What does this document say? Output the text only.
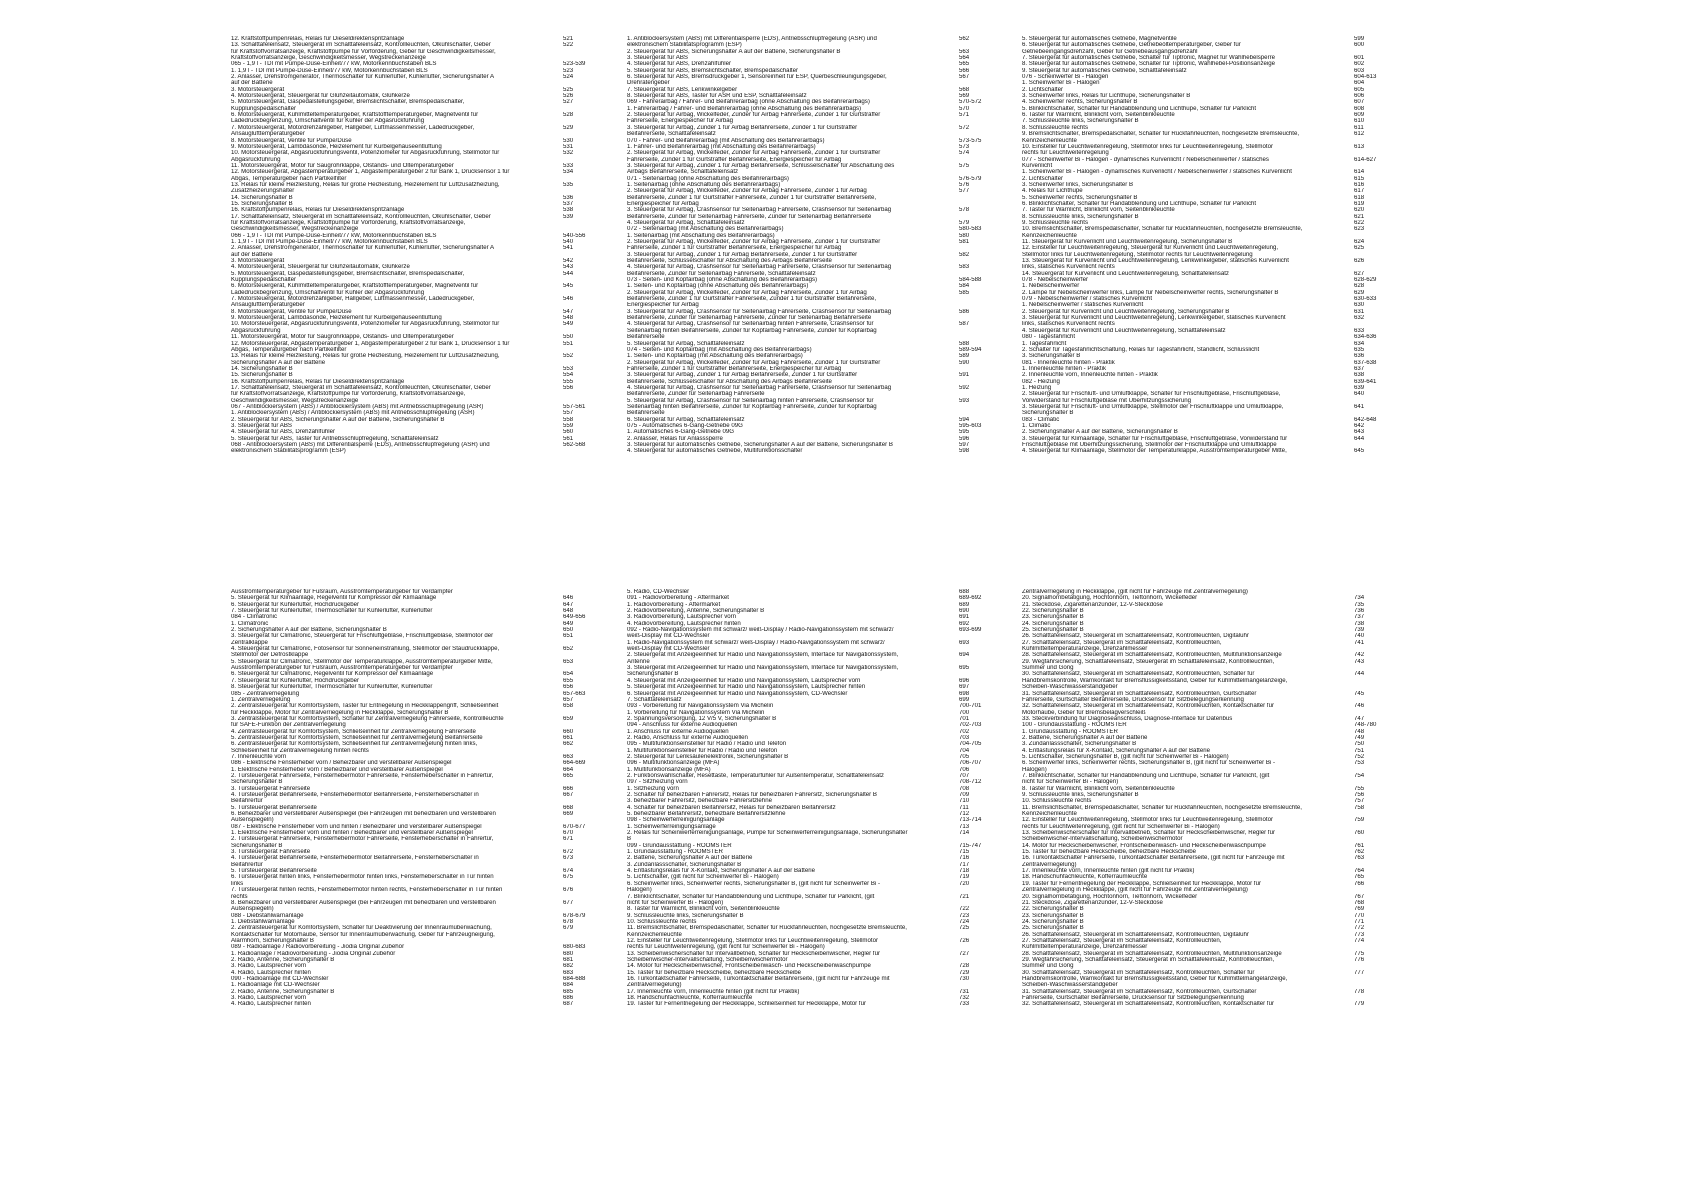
12. Kraftstoffpumpenrelais, Relais für Dieseldirektenspritzanlage	521
13. Schalttafeleinsatz, Steuergerät im Schalttafeleinsatz, Kontrollleuchten, Ölkühlschalter, Geber	522
für Kraftstoffvorratsanzeige, Kraftstoffpumpe für Vorförderung, Geber für Geschwindigkeitsmesser,
Kraftstoffvorratsanzeige, Geschwindigkeitsmesser, Wegstreckenanzeige
065 - 1,9 l - TDI mit Pumpe-Düse-Einheit/77 kW, Motorkennbuchstaben BLS	523-539
1. 1,9 l - TDI mit Pumpe-Düse-Einheit/77 kW, Motorkennbuchstaben BLS	523
2. Anlasser, Drehstromgenerator, Thermoschalter für Kühlerlüfter, Kühlerlüfter, Sicherungshalter A	524
auf der Batterie
3. Motorsteuergerät	525
4. Motorsteuergerät, Steuergerät für Glühzeitautomatik, Glühkerze	526
5. Motorsteuergerät, Gaspedalstellungsgeber, Bremslichtschalter, Bremspedalschalter,	527
Kupplungspedalschalter
6. Motorsteuergerät, Kühlmitteltemperaturgeber, Kraftstofftemperaturgeber, Magnetventil für	528
Ladedruckbegrenzung, Umschaltventil für Kühler der Abgasrückführung
7. Motorsteuergerät, Motordrehzahlgeber, Hallgeber, Luftmassenmesser, Ladedruckgeber,	529
Ansauglufttemperaturgeber
8. Motorsteuergerät, Ventile für Pumpe/Düse	530
9. Motorsteuergerät, Lambdasonde, Heizelement für Kurbelgehäuseentlüftung	531
10. Motorsteuergerät, Abgasrückführungsventil, Potenziometer für Abgasrückführung, Stellmotor für	532
Abgasrückführung
11. Motorsteuergerät, Motor für Saugrohrklappe, Ölstands- und Öltemperaturgeber	533
12. Motorsteuergerät, Abgastemperaturgeber 1, Abgastemperaturgeber 2 für Bank 1, Drucksensor 1 für	534
Abgas, Temperaturgeber nach Partikelfilter
13. Relais für kleine Heizleistung, Relais für große Heizleistung, Heizelement für Luftzusatzheizung,	535
Zusatzheizerungshalter
14. Sicherungshalter B	536
15. Sicherungshalter B	537
16. Kraftstoffpumpenrelais, Relais für Dieseldirektenspritzanlage	538
17. Schalttafeleinsatz, Steuergerät im Schalttafeleinsatz, Kontrollleuchten, Ölkühlschalter, Geber	539
für Kraftstoffvorratsanzeige, Kraftstoffpumpe für Vorförderung, Kraftstoffvorratsanzeige,
Geschwindigkeitsmesser, Wegstreckenanzeige
066 - 1,9 l - TDI mit Pumpe-Düse-Einheit/77 kW, Motorkennbuchstaben BLS	540-556
1. 1,9 l - TDI mit Pumpe-Düse-Einheit/77 kW, Motorkennbuchstaben BLS	540
2. Anlasser, Drehstromgenerator, Thermoschalter für Kühlerlüfter, Kühlerlüfter, Sicherungshalter A	541
auf der Batterie
3. Motorsteuergerät	542
4. Motorsteuergerät, Steuergerät für Glühzeitautomatik, Glühkerze	543
5. Motorsteuergerät, Gaspedalstellungsgeber, Bremslichtschalter, Bremspedalschalter,	544
Kupplungspedalschalter
6. Motorsteuergerät, Kühlmitteltemperaturgeber, Kraftstofftemperaturgeber, Magnetventil für	545
Ladedruckbegrenzung, Umschaltventil für Kühler der Abgasrückführung
7. Motorsteuergerät, Motordrehzahlgeber, Hallgeber, Luftmassenmesser, Ladedruckgeber,	546
Ansauglufttemperaturgeber
8. Motorsteuergerät, Ventile für Pumpe/Düse	547
9. Motorsteuergerät, Lambdasonde, Heizelement für Kurbelgehäuseentlüftung	548
10. Motorsteuergerät, Abgasrückführungsventil, Potenziometer für Abgasrückführung, Stellmotor für	549
Abgasrückführung
11. Motorsteuergerät, Motor für Saugrohrklappe, Ölstands- und Öltemperaturgeber	550
12. Motorsteuergerät, Abgastemperaturgeber 1, Abgastemperaturgeber 2 für Bank 1, Drucksensor 1 für	551
Abgas, Temperaturgeber nach Partikelfilter
13. Relais für kleine Heizleistung, Relais für große Heizleistung, Heizelement für Luftzusatzheizung,	552
Sicherungshalter A auf der Batterie
14. Sicherungshalter B	553
15. Sicherungshalter B	554
16. Kraftstoffpumpenrelais, Relais für Dieseldirektenspritzanlage	555
17. Schalttafeleinsatz, Steuergerät im Schalttafeleinsatz, Kontrollleuchten, Ölkühlschalter, Geber	556
für Kraftstoffvorratsanzeige, Kraftstoffpumpe für Vorförderung, Kraftstoffvorratsanzeige,
Geschwindigkeitsmesser, Wegstreckenanzeige
067 - Antiblockiersystem (ABS) / Antiblockiersystem (ABS) mit Antriebsschlupfregelung (ASR)	557-561
1. Antiblockiersystem (ABS) / Antiblockiersystem (ABS) mit Antriebsschlupfregelung (ASR)	557
2. Steuergerät für ABS, Sicherungshalter A auf der Batterie, Sicherungshalter B	558
3. Steuergerät für ABS	559
4. Steuergerät für ABS, Drehzahlfühler	560
5. Steuergerät für ABS, Taster für Antriebsschlupfregelung, Schalttafeleinsatz	561
068 - Antiblockiersystem (ABS) mit Differentialsperre (EDS), Antriebsschlupfregelung (ASR) und	562-568
elektronischem Stabilitätsprogramm (ESP)
1. Antiblockiersystem (ABS) mit Differentialsperre (EDS), Antriebsschlupfregelung (ASR) und	562
elektronischem Stabilitätsprogramm (ESP)
2. Steuergerät für ABS, Sicherungshalter A auf der Batterie, Sicherungshalter B	563
3. Steuergerät für ABS	564
4. Steuergerät für ABS, Drehzahlfühler	565
5. Steuergerät für ABS, Bremslichtschalter, Bremspedalschalter	566
6. Steuergerät für ABS, Bremsdruckgeber 1, Sensoreinheit für ESP, Querbeschleunigungsgeber,	567
Drehratengeber
7. Steuergerät für ABS, Lenkwinkelgeber	568
8. Steuergerät für ABS, Taster für ASR und ESP, Schalttafeleinsatz	569
069 - Fahrerairbag / Fahrer- und Beifahrerairbag (ohne Abschaltung des Beifahrerairbags)	570-572
1. Fahrerairbag / Fahrer- und Beifahrerairbag (ohne Abschaltung des Beifahrerairbags)	570
2. Steuergerät für Airbag, Wickelfeder, Zünder für Airbag Fahrerseite, Zünder 1 für Gurtstraffer	571
Fahrerseite, Energiespeicher für Airbag
3. Steuergerät für Airbag, Zünder 1 für Airbag Beifahrerseite, Zünder 1 für Gurtstraffer	572
Beifahrerseite, Schalttafeleinsatz
070 - Fahrer- und Beifahrerairbag (mit Abschaltung des Beifahrerairbags)	573-575
1. Fahrer- und Beifahrerairbag (mit Abschaltung des Beifahrerairbags)	573
2. Steuergerät für Airbag, Wickelfeder, Zünder für Airbag Fahrerseite, Zünder 1 für Gurtstraffer	574
Fahrerseite, Zünder 1 für Gurtstraffer Beifahrerseite, Energiespeicher für Airbag
3. Steuergerät für Airbag, Zünder 1 für Airbag Beifahrerseite, Schlüsselschalter für Abschaltung des	575
Airbags Beifahrerseite, Schalttafeleinsatz
071 - Seitenairbag (ohne Abschaltung des Beifahrerairbags)	576-579
1. Seitenairbag (ohne Abschaltung des Beifahrerairbags)	576
2. Steuergerät für Airbag, Wickelfeder, Zünder für Airbag Fahrerseite, Zünder 1 für Airbag	577
Beifahrerseite, Zünder 1 für Gurtstraffer Fahrerseite, Zünder 1 für Gurtstraffer Beifahrerseite,
Energiespeicher für Airbag
3. Steuergerät für Airbag, Crashsensor für Seitenairbag Fahrerseite, Crashsensor für Seitenairbag	578
Beifahrerseite, Zünder für Seitenairbag Fahrerseite, Zünder für Seitenairbag Beifahrerseite
4. Steuergerät für Airbag, Schalttafeleinsatz	579
072 - Seitenairbag (mit Abschaltung des Beifahrerairbags)	580-583
1. Seitenairbag (mit Abschaltung des Beifahrerairbags)	580
2. Steuergerät für Airbag, Wickelfeder, Zünder für Airbag Fahrerseite, Zünder 1 für Gurtstraffer	581
Fahrerseite, Zünder 1 für Gurtstraffer Beifahrerseite, Energiespeicher für Airbag
3. Steuergerät für Airbag, Zünder 1 für Airbag Beifahrerseite, Zünder 1 für Gurtstraffer	582
Beifahrerseite, Schlüsselschalter für Abschaltung des Airbags Beifahrerseite
4. Steuergerät für Airbag, Crashsensor für Seitenairbag Fahrerseite, Crashsensor für Seitenairbag	583
Beifahrerseite, Zünder für Seitenairbag Fahrerseite, Schalttafeleinsatz
073 - Seiten- und Kopfairbag (ohne Abschaltung des Beifahrerairbags)	584-588
1. Seiten- und Kopfairbag (ohne Abschaltung des Beifahrerairbags)	584
2. Steuergerät für Airbag, Wickelfeder, Zünder für Airbag Fahrerseite, Zünder 1 für Airbag	585
Beifahrerseite, Zünder 1 für Gurtstraffer Fahrerseite, Zünder 1 für Gurtstraffer Beifahrerseite,
Energiespeicher für Airbag
3. Steuergerät für Airbag, Crashsensor für Seitenairbag Fahrerseite, Crashsensor für Seitenairbag	586
Beifahrerseite, Zünder für Seitenairbag Fahrerseite, Zünder für Seitenairbag Beifahrerseite
4. Steuergerät für Airbag, Crashsensor für Seitenairbag hinten Fahrerseite, Crashsensor für	587
Seitenairbag hinten Beifahrerseite, Zünder für Kopfairbag Fahrerseite, Zünder für Kopfairbag
Beifahrerseite
5. Steuergerät für Airbag, Schalttafeleinsatz	588
074 - Seiten- und Kopfairbag (mit Abschaltung des Beifahrerairbags)	589-594
1. Seiten- und Kopfairbag (mit Abschaltung des Beifahrerairbags)	589
2. Steuergerät für Airbag, Wickelfeder, Zünder für Airbag Fahrerseite, Zünder 1 für Gurtstraffer	590
Fahrerseite, Zünder 1 für Gurtstraffer Beifahrerseite, Energiespeicher für Airbag
3. Steuergerät für Airbag, Zünder 1 für Airbag Beifahrerseite, Zünder 1 für Gurtstraffer	591
Beifahrerseite, Schlüsselschalter für Abschaltung des Airbags Beifahrerseite
4. Steuergerät für Airbag, Crashsensor für Seitenairbag Fahrerseite, Crashsensor für Seitenairbag	592
Beifahrerseite, Zünder für Seitenairbag Fahrerseite
5. Steuergerät für Airbag, Crashsensor für Seitenairbag hinten Fahrerseite, Crashsensor für	593
Seitenairbag hinten Beifahrerseite, Zünder für Kopfairbag Fahrerseite, Zünder für Kopfairbag
Beifahrerseite
6. Steuergerät für Airbag, Schalttafeleinsatz	594
075 - Automatisches 6-Gang-Getriebe 09G	595-603
1. Automatisches 6-Gang-Getriebe 09G	595
2. Anlasser, Relais für Anlasssperre	596
3. Steuergerät für automatisches Getriebe, Sicherungshalter A auf der Batterie, Sicherungshalter B	597
4. Steuergerät für automatisches Getriebe, Multifunktionsschalter	598
5. Steuergerät für automatisches Getriebe, Magnetventile	599
6. Steuergerät für automatisches Getriebe, Getriebeöltemperaturgeber, Geber für	600
Getriebeeingangsdrehzahl, Geber für Getriebeausgangsdrehzahl
7. Steuergerät für automatisches Getriebe, Schalter für Tiptronic, Magnet für Wählhebelsperre	601
8. Steuergerät für automatisches Getriebe, Schalter für Tiptronic, Wählhebel-Positionsanzeige	602
9. Steuergerät für automatisches Getriebe, Schalttafeleinsatz	603
076 - Scheinwerfer Bi - Halogen	604-613
1. Scheinwerfer Bi - Halogen	604
2. Lichtschalter	605
3. Scheinwerfer links, Relais für Lichthupe, Sicherungshalter B	606
4. Scheinwerfer rechts, Sicherungshalter B	607
5. Blinklichtschalter, Schalter für Handabblendung und Lichthupe, Schalter für Parklicht	608
6. Taster für Warnlicht, Blinklicht vorn, Seitenblinkleuchte	609
7. Schlussleuchte links, Sicherungshalter B	610
8. Schlussleuchte rechts	611
9. Bremslichtschalter, Bremspedalschalter, Schalter für Rückfahrleuchten, hochgesetzte Bremsleuchte,	612
Kennzeichenleuchte
10. Einsteller für Leuchtweitenregelung, Stellmotor links für Leuchtweitenregelung, Stellmotor	613
rechts für Leuchtweitenregelung
077 - Scheinwerfer Bi - Halogen - dynamisches Kurvenlicht / Nebelscheinwerfer / statisches	614-627
Kurvenlicht
1. Scheinwerfer Bi - Halogen - dynamisches Kurvenlicht / Nebelscheinwerfer / statisches Kurvenlicht	614
2. Lichtschalter	615
3. Scheinwerfer links, Sicherungshalter B	616
4. Relais für Lichthupe	617
5. Scheinwerfer rechts, Sicherungshalter B	618
6. Blinklichtschalter, Schalter für Handabblendung und Lichthupe, Schalter für Parklicht	619
7. Taster für Warnlicht, Blinklicht vorn, Seitenblinkleuchte	620
8. Schlussleuchte links, Sicherungshalter B	621
9. Schlussleuchte rechts	622
10. Bremslichtschalter, Bremspedalschalter, Schalter für Rückfahrleuchten, hochgesetzte Bremsleuchte,	623
Kennzeichenleuchte
11. Steuergerät für Kurvenlicht und Leuchtweitenregelung, Sicherungshalter B	624
12. Einsteller für Leuchtweitenregelung, Steuergerät für Kurvenlicht und Leuchtweitenregelung,	625
Stellmotor links für Leuchtweitenregelung, Stellmotor rechts für Leuchtweitenregelung
13. Steuergerät für Kurvenlicht und Leuchtweitenregelung, Lenkwinkelgeber, statisches Kurvenlicht	626
links, statisches Kurvenlicht rechts
14. Steuergerät für Kurvenlicht und Leuchtweitenregelung, Schalttafeleinsatz	627
078 - Nebelscheinwerfer	628-629
1. Nebelscheinwerfer	628
2. Lampe für Nebelscheinwerfer links, Lampe für Nebelscheinwerfer rechts, Sicherungshalter B	629
079 - Nebelscheinwerfer / statisches Kurvenlicht	630-633
1. Nebelscheinwerfer / statisches Kurvenlicht	630
2. Steuergerät für Kurvenlicht und Leuchtweitenregelung, Sicherungshalter B	631
3. Steuergerät für Kurvenlicht und Leuchtweitenregelung, Lenkwinkelgeber, statisches Kurvenlicht	632
links, statisches Kurvenlicht rechts
4. Steuergerät für Kurvenlicht und Leuchtweitenregelung, Schalttafeleinsatz	633
080 - Tagesfahrlicht	634-636
1. Tagesfahrlicht	634
2. Schalter für Tagesfahrlichtschaltung, Relais für Tagesfahrlicht, Standlicht, Schlusslicht	635
3. Sicherungshalter B	636
081 - Innenleuchte hinten - Praktik	637-638
1. Innenleuchte hinten - Praktik	637
2. Innenleuchte vorn, Innenleuchte hinten - Praktik	638
082 - Heizung	639-641
1. Heizung	639
2. Steuergerät für Frischluft- und Umluftklappe, Schalter für Frischluftgebläse, Frischluftgebläse,	640
Vorwiderstand für Frischluftgebläse mit Überhitzungssicherung
3. Steuergerät für Frischluft- und Umluftklappe, Stellmotor der Frischluftklappe und Umluftklappe,	641
Sicherungshalter B
083 - Climatic	642-648
1. Climatic	642
2. Sicherungshalter A auf der Batterie, Sicherungshalter B	643
3. Steuergerät für Klimaanlage, Schalter für Frischluftgebläse, Frischluftgebläse, Vorwiderstand für	644
Frischluftgebläse mit Überhitzungssicherung, Stellmotor der Frischluftklappe und Umluftklappe
4. Steuergerät für Klimaanlage, Stellmotor der Temperaturklappe, Ausströmtemperaturgeber Mitte,	645
Ausströmtemperaturgeber für Fußraum, Ausströmtemperaturgeber für Verdampfer
5. Steuergerät für Klimaanlage, Regelventil für Kompressor der Klimaanlage	646
6. Steuergerät für Kühlerlüfter, Hochdruckgeber	647
7. Steuergerät für Kühlerlüfter, Thermoschalter für Kühlerlüfter, Kühlerlüfter	648
084 - Climatronic	649-656
1. Climatronic	649
2. Sicherungshalter A auf der Batterie, Sicherungshalter B	650
3. Steuergerät für Climatronic, Steuergerät für Frischluftgebläse, Frischluftgebläse, Stellmotor der	651
Zentralklappe
4. Steuergerät für Climatronic, Fotosensor für Sonneneinstrahlung, Stellmotor der Staudruckklappe,	652
Stellmotor der Defrostklappe
5. Steuergerät für Climatronic, Stellmotor der Temperaturklappe, Ausströmtemperaturgeber Mitte,	653
Ausströmtemperaturgeber für Fußraum, Ausströmtemperaturgeber für Verdampfer
6. Steuergerät für Climatronic, Regelventil für Kompressor der Klimaanlage	654
7. Steuergerät für Kühlerlüfter, Hochdruckgeber	655
8. Steuergerät für Kühlerlüfter, Thermoschalter für Kühlerlüfter, Kühlerlüfter	656
085 - Zentralverriegelung	657-663
1. Zentralverriegelung	657
2. Zentralsteuergerät für Komfortsystem, Taster für Entriegelung in Heckklappengriff, Schließeinheit	658
für Heckklappe, Motor für Zentralverriegelung in Heckklappe, Sicherungshalter B
3. Zentralsteuergerät für Komfortsystem, Schalter für Zentralverriegelung Fahrerseite, Kontrollleuchte	659
für SAFE-Funktion der Zentralverriegelung
4. Zentralsteuergerät für Komfortsystem, Schließeinheit für Zentralverriegelung Fahrerseite	660
5. Zentralsteuergerät für Komfortsystem, Schließeinheit für Zentralverriegelung Beifahrerseite	661
6. Zentralsteuergerät für Komfortsystem, Schließeinheit für Zentralverriegelung hinten links,	662
Schließeinheit für Zentralverriegelung hinten rechts
7. Innenleuchte vorn	663
086 - Elektrische Fensterheber vorn / Beheizbarer und verstellbarer Außenspiegel	664-669
1. Elektrische Fensterheber vorn / Beheizbarer und verstellbarer Außenspiegel	664
2. Türsteuergerät Fahrerseite, Fensterhebermotor Fahrerseite, Fensterheberschalter in Fahrertür,	665
Sicherungshalter B
3. Türsteuergerät Fahrerseite	666
4. Türsteuergerät Beifahrerseite, Fensterhebermotor Beifahrerseite, Fensterheberschalter in	667
Beifahrertür
5. Türsteuergerät Beifahrerseite	668
6. Beheizbarer und verstellbarer Außenspiegel (bei Fahrzeugen mit beheizbaren und verstellbaren	669
Außenspiegeln)
087 - Elektrische Fensterheber vorn und hinten / Beheizbarer und verstellbarer Außenspiegel	670-677
1. Elektrische Fensterheber vorn und hinten / Beheizbarer und verstellbarer Außenspiegel	670
2. Türsteuergerät Fahrerseite, Fensterhebermotor Fahrerseite, Fensterheberschalter in Fahrertür,	671
Sicherungshalter B
3. Türsteuergerät Fahrerseite	672
4. Türsteuergerät Beifahrerseite, Fensterhebermotor Beifahrerseite, Fensterheberschalter in	673
Beifahrertür
5. Türsteuergerät Beifahrerseite	674
6. Türsteuergerät hinten links, Fensterhebermotor hinten links, Fensterheberschalter in Tür hinten	675
links
7. Türsteuergerät hinten rechts, Fensterhebermotor hinten rechts, Fensterheberschalter in Tür hinten	676
rechts
8. Beheizbarer und verstellbarer Außenspiegel (bei Fahrzeugen mit beheizbaren und verstellbaren	677
Außenspiegeln)
088 - Diebstahlwarnanlage	678-679
1. Diebstahlwarnanlage	678
2. Zentralsteuergerät für Komfortsystem, Schalter für Deaktivierung der Innenraumüberwachung,	679
Kontaktschalter für Motorhaube, Sensor für Innenraumüberwachung, Geber für Fahrzeugneigung,
Alarmhorn, Sicherungshalter B
089 - Radioanlage / Radiovorbereitung - Jiodia Original Zubehör	680-683
1. Radioanlage / Radiovorbereitung - Jiodia Original Zubehör	680
2. Radio, Antenne, Sicherungshalter B	681
3. Radio, Lautsprecher vorn	682
4. Radio, Lautsprecher hinten	683
090 - Radioanlage mit CD-Wechsler	684-688
1. Radioanlage mit CD-Wechsler	684
2. Radio, Antenne, Sicherungshalter B	685
3. Radio, Lautsprecher vorn	686
4. Radio, Lautsprecher hinten	687
5. Radio, CD-Wechsler	688
091 - Radiovorbereitung - Aftermarket	689-692
1. Radiovorbereitung - Aftermarket	689
2. Radiovorbereitung, Antenne, Sicherungshalter B	690
3. Radiovorbereitung, Lautsprecher vorn	691
4. Radiovorbereitung, Lautsprecher hinten	692
092 - Radio-Navigationssystem mit schwarz/ weiß-Display / Radio-Navigationssystem mit schwarz/	693-699
weiß-Display mit CD-Wechsler
1. Radio-Navigationssystem mit schwarz/ weiß-Display / Radio-Navigationssystem mit schwarz/	693
weiß-Display mit CD-Wechsler
2. Steuergerät mit Anzeigeeinheit für Radio und Navigationssystem, Interface für Navigationssystem,	694
Antenne
3. Steuergerät mit Anzeigeeinheit für Radio und Navigationssystem, Interface für Navigationssystem,	695
Sicherungshalter B
4. Steuergerät mit Anzeigeeinheit für Radio und Navigationssystem, Lautsprecher vorn	696
5. Steuergerät mit Anzeigeeinheit für Radio und Navigationssystem, Lautsprecher hinten	697
6. Steuergerät mit Anzeigeeinheit für Radio und Navigationssystem, CD-Wechsler	698
7. Schalttafeleinsatz	699
093 - Vorbereitung für Navigationssystem Via Michelin	700-701
1. Vorbereitung für Navigationssystem Via Michelin	700
2. Spannungsversorgung, 12 V/5 V, Sicherungshalter B	701
094 - Anschluss für externe Audioquellen	702-703
1. Anschluss für externe Audioquellen	702
2. Radio, Anschluss für externe Audioquellen	703
095 - Multifunktionseinstellier für Radio / Radio und Telefon	704-705
1. Multifunktionseinstellier für Radio / Radio und Telefon	704
2. Steuergerät für Lenksäulenelektronik, Sicherungshalter B	705
096 - Multifunktionsanzeige (MFA)	706-707
1. Multifunktionsanzeige (MFA)	706
2. Funktionswahlschalter, Resettaste, Temperaturfühler für Außentemperatur, Schalttafeleinsatz	707
097 - Sitzheizung vorn	708-712
1. Sitzheizung vorn	708
2. Schalter für beheizbaren Fahrersitz, Relais für beheizbaren Fahrersitz, Sicherungshalter B	709
3. beheizbarer Fahrersitz, beheizbare Fahrersitzlehne	710
4. Schalter für beheizbaren Beifahrersitz, Relais für beheizbaren Beifahrersitz	711
5. beheizbarer Beifahrersitz, beheizbare Beifahrersitzlehne	712
098 - Scheinwerferreinigungsanlage	713-714
1. Scheinwerferreinigungsanlage	713
2. Relais für Scheinwerferreinigungsanlage, Pumpe für Scheinwerferreinigungsanlage, Sicherungshalter	714
B
099 - Grundausstattung - ROOMSTER	715-747
1. Grundausstattung - ROOMSTER	715
2. Batterie, Sicherungshalter A auf der Batterie	716
3. Zündanlassschalter, Sicherungshalter B	717
4. Entlastungsrelais für X-Kontakt, Sicherungshalter A auf der Batterie	718
5. Lichtschalter, (gilt nicht für Scheinwerfer Bi - Halogen)	719
6. Scheinwerfer links, Scheinwerfer rechts, Sicherungshalter B, (gilt nicht für Scheinwerfer Bi -	720
Halogen)
7. Blinklichtschalter, Schalter für Handabblendung und Lichthupe, Schalter für Parklicht, (gilt	721
nicht für Scheinwerfer Bi - Halogen)
8. Taster für Warnlicht, Blinklicht vorn, Seitenblinkleuchte	722
9. Schlussleuchte links, Sicherungshalter B	723
10. Schlussleuchte rechts	724
11. Bremslichtschalter, Bremspedalschalter, Schalter für Rückfahrleuchten, hochgesetzte Bremsleuchte,	725
Kennzeichenleuchte
12. Einsteller für Leuchtweitenregelung, Stellmotor links für Leuchtweitenregelung, Stellmotor	726
rechts für Leuchtweitenregelung, (gilt nicht für Scheinwerfer Bi - Halogen)
13. Scheibenwischerschalter für Intervallbetrieb, Schalter für Heckscheibenwischer, Regler für	727
Scheibenwischer-Intervallschaltung, Scheibenwischermotor
14. Motor für Heckscheibenwischer, Frontscheibenwasch- und Heckscheibenwaschpumpe	728
15. Taster für beheizbare Heckscheibe, beheizbare Heckscheibe	729
16. Türkontaktschalter Fahrerseite, Türkontaktschalter Beifahrerseite, (gilt nicht für Fahrzeuge mit	730
Zentralverriegelung)
17. Innenleuchte vorn, Innenleuchte hinten (gilt nicht für Praktik)	731
18. Handschuhfachleuchte, Kofferraumleuchte	732
19. Taster für Fernentriegelung der Heckklappe, Schließeinheit für Heckklappe, Motor für	733
Zentralverriegelung in Heckklappe, (gilt nicht für Fahrzeuge mit Zentralverriegelung)
20. Signalhornbetätigung, Hochtonhorn, Tieftonhorn, Wickelfeder	734
21. Steckdose, Zigarettenanzünder, 12-V-Steckdose	735
22. Sicherungshalter B	736
23. Sicherungshalter B	737
24. Sicherungshalter B	738
25. Sicherungshalter B	739
26. Schalttafeleinsatz, Steuergerät im Schalttafeleinsatz, Kontrollleuchten, Digitaluhr	740
27. Schalttafeleinsatz, Steuergerät im Schalttafeleinsatz, Kontrollleuchten,	741
Kühlmitteltemperaturanzeige, Drehzahlmesser
28. Schalttafeleinsatz, Steuergerät im Schalttafeleinsatz, Kontrollleuchten, Multifunktionsanzeige	742
29. Wegfahrsicherung, Schalttafeleinsatz, Steuergerät im Schalttafeleinsatz, Kontrollleuchten,	743
Summer und Gong
30. Schalttafeleinsatz, Steuergerät im Schalttafeleinsatz, Kontrollleuchten, Schalter für	744
Handbremskontrolle, Warnkontakt für Bremsflüssigkeitsstand, Geber für Kühlmittelmangelanzeige,
Scheiben-Waschwasserstandgeber
31. Schalttafeleinsatz, Steuergerät im Schalttafeleinsatz, Kontrollleuchten, Gurtschalter	745
Fahrerseite, Gurtschalter Beifahrerseite, Drucksensor für Sitzbelegungserkennung
32. Schalttafeleinsatz, Steuergerät im Schalttafeleinsatz, Kontrollleuchten, Kontaktschalter für	746
Motorhaube, Geber für Bremsbelagverschleiß
33. Steckverbindung für Diagnoseanschluss, Diagnose-Interface für Datenbus	747
100 - Grundausstattung - ROOMSTER	748-780
1. Grundausstattung - ROOMSTER	748
2. Batterie, Sicherungshalter A auf der Batterie	749
3. Zündanlassschalter, Sicherungshalter B	750
4. Entlastungsrelais für X-Kontakt, Sicherungshalter A auf der Batterie	751
5. Lichtschalter, Sicherungshalter B, (gilt nicht für Scheinwerfer Bi - Halogen)	752
6. Scheinwerfer links, Scheinwerfer rechts, Sicherungshalter B, (gilt nicht für Scheinwerfer Bi -	753
Halogen)
7. Blinklichtschalter, Schalter für Handabblendung und Lichthupe, Schalter für Parklicht, (gilt	754
nicht für Scheinwerfer Bi - Halogen)
8. Taster für Warnlicht, Blinklicht vorn, Seitenblinkleuchte	755
9. Schlussleuchte links, Sicherungshalter B	756
10. Schlussleuchte rechts	757
11. Bremslichtschalter, Bremspedalschalter, Schalter für Rückfahrleuchten, hochgesetzte Bremsleuchte,	758
Kennzeichenleuchte
12. Einsteller für Leuchtweitenregelung, Stellmotor links für Leuchtweitenregelung, Stellmotor	759
rechts für Leuchtweitenregelung, (gilt nicht für Scheinwerfer Bi - Halogen)
13. Scheibenwischerschalter für Intervallbetrieb, Schalter für Heckscheibenwischer, Regler für	760
Scheibenwischer-Intervallschaltung, Scheibenwischermotor
14. Motor für Heckscheibenwischer, Frontscheibenwasch- und Heckscheibenwaschpumpe	761
15. Taster für beheizbare Heckscheibe, beheizbare Heckscheibe	762
16. Türkontaktschalter Fahrerseite, Türkontaktschalter Beifahrerseite, (gilt nicht für Fahrzeuge mit	763
Zentralverriegelung)
17. Innenleuchte vorn, Innenleuchte hinten (gilt nicht für Praktik)	764
18. Handschuhfachleuchte, Kofferraumleuchte	765
19. Taster für Fernentriegelung der Heckklappe, Schließeinheit für Heckklappe, Motor für	766
Zentralverriegelung in Heckklappe, (gilt nicht für Fahrzeuge mit Zentralverriegelung)
20. Signalhornbetätigung, Hochtonhorn, Tieftonhorn, Wickelfeder	767
21. Steckdose, Zigarettenanzünder, 12-V-Steckdose	768
22. Sicherungshalter B	769
23. Sicherungshalter B	770
24. Sicherungshalter B	771
25. Sicherungshalter B	772
26. Schalttafeleinsatz, Steuergerät im Schalttafeleinsatz, Kontrollleuchten, Digitaluhr	773
27. Schalttafeleinsatz, Steuergerät im Schalttafeleinsatz, Kontrollleuchten,	774
Kühlmitteltemperaturanzeige, Drehzahlmesser
28. Schalttafeleinsatz, Steuergerät im Schalttafeleinsatz, Kontrollleuchten, Multifunktionsanzeige	775
29. Wegfahrsicherung, Schalttafeleinsatz, Steuergerät im Schalttafeleinsatz, Kontrollleuchten,	776
Summer und Gong
30. Schalttafeleinsatz, Steuergerät im Schalttafeleinsatz, Kontrollleuchten, Schalter für	777
Handbremskontrolle, Warnkontakt für Bremsflüssigkeitsstand, Geber für Kühlmittelmangelanzeige,
Scheiben-Waschwasserstandgeber
31. Schalttafeleinsatz, Steuergerät im Schalttafeleinsatz, Kontrollleuchten, Gurtschalter	778
Fahrerseite, Gurtschalter Beifahrerseite, Drucksensor für Sitzbelegungserkennung
32. Schalttafeleinsatz, Steuergerät im Schalttafeleinsatz, Kontrollleuchten, Kontaktschalter für	779
